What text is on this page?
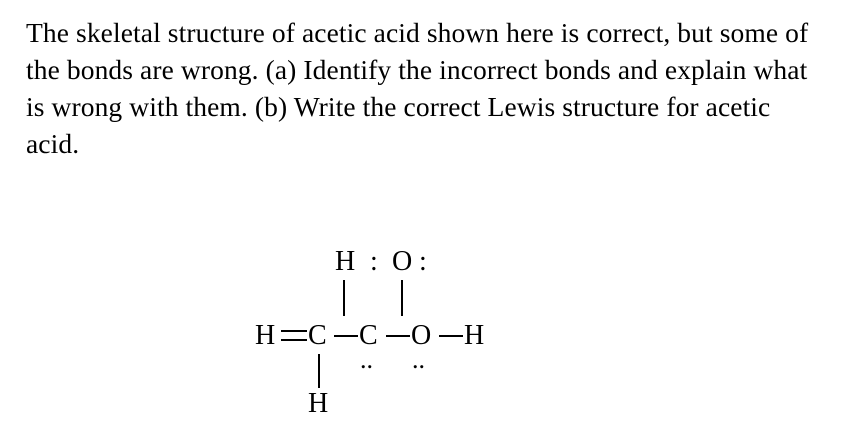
The skeletal structure of acetic acid shown here is correct, but some of the bonds are wrong. (a) Identify the incorrect bonds and explain what is wrong with them. (b) Write the correct Lewis structure for acetic acid.
H : O :
H C C O H
.. ..
H
